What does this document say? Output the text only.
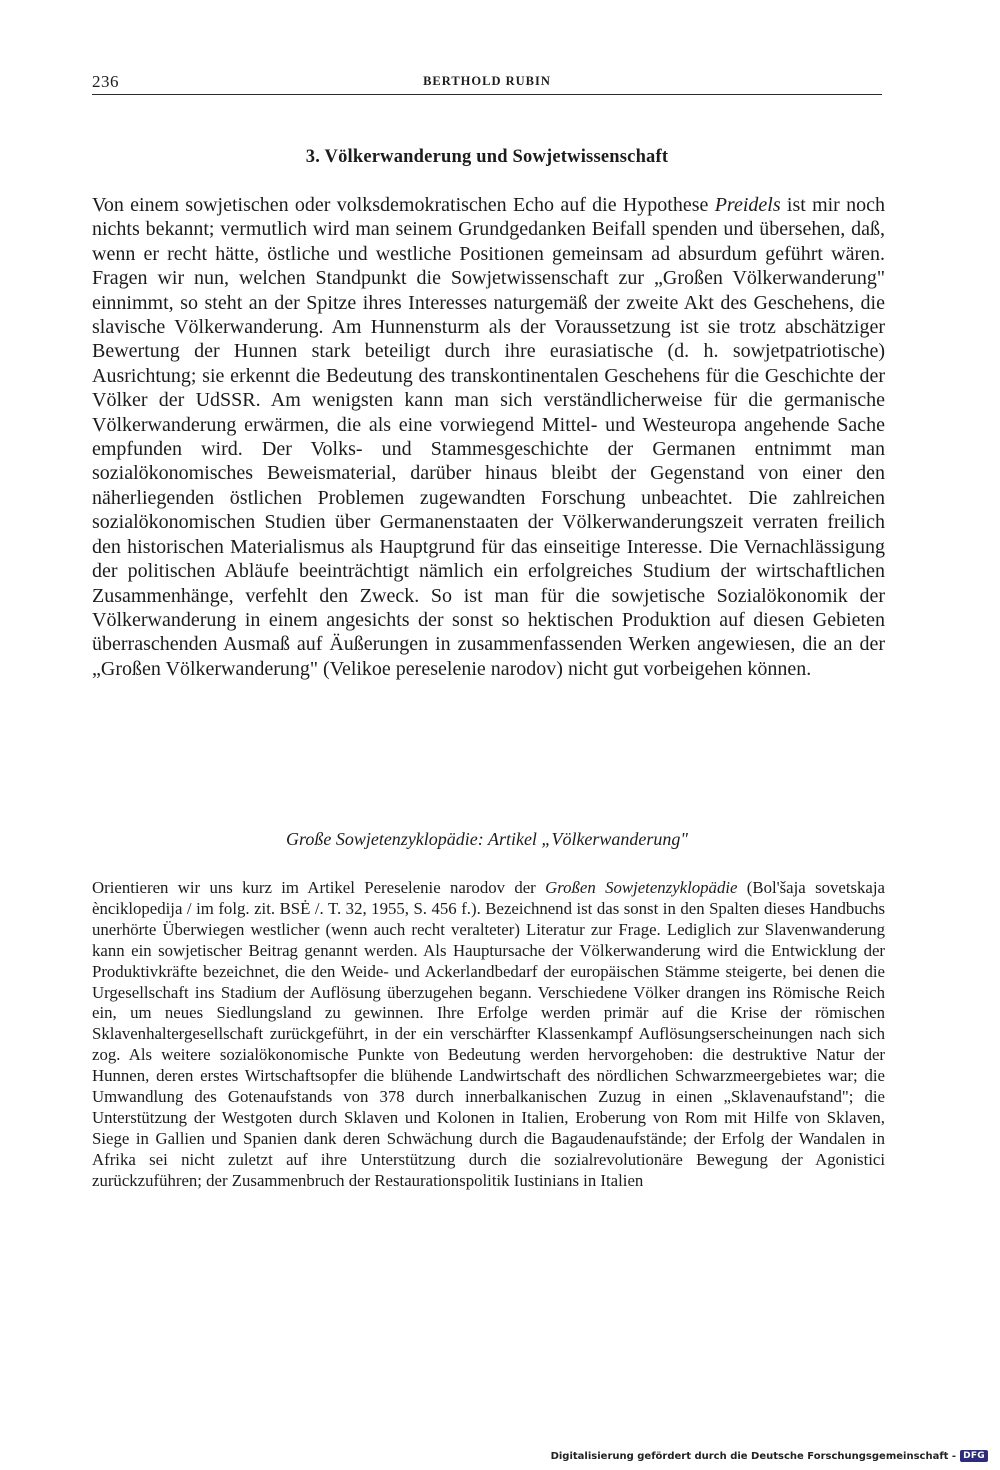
236	BERTHOLD RUBIN
3. Völkerwanderung und Sowjetwissenschaft

Von einem sowjetischen oder volksdemokratischen Echo auf die Hypothese Preidels ist mir noch nichts bekannt; vermutlich wird man seinem Grundgedanken Beifall spenden und übersehen, daß, wenn er recht hätte, östliche und westliche Positionen gemeinsam ad absurdum geführt wären. Fragen wir nun, welchen Standpunkt die Sowjetwissenschaft zur „Großen Völkerwanderung" einnimmt, so steht an der Spitze ihres Interesses naturgemäß der zweite Akt des Geschehens, die slavische Völkerwanderung. Am Hunnensturm als der Voraussetzung ist sie trotz abschätziger Bewertung der Hunnen stark beteiligt durch ihre eurasiatische (d. h. sowjetpatriotische) Ausrichtung; sie erkennt die Bedeutung des transkontinentalen Geschehens für die Geschichte der Völker der UdSSR. Am wenigsten kann man sich verständlicherweise für die germanische Völkerwanderung erwärmen, die als eine vorwiegend Mittel- und Westeuropa angehende Sache empfunden wird. Der Volks- und Stammesgeschichte der Germanen entnimmt man sozialökonomisches Beweismaterial, darüber hinaus bleibt der Gegenstand von einer den näherliegenden östlichen Problemen zugewandten Forschung unbeachtet. Die zahlreichen sozialökonomischen Studien über Germanenstaaten der Völkerwanderungszeit verraten freilich den historischen Materialismus als Hauptgrund für das einseitige Interesse. Die Vernachlässigung der politischen Abläufe beeinträchtigt nämlich ein erfolgreiches Studium der wirtschaftlichen Zusammenhänge, verfehlt den Zweck. So ist man für die sowjetische Sozialökonomik der Völkerwanderung in einem angesichts der sonst so hektischen Produktion auf diesen Gebieten überraschenden Ausmaß auf Äußerungen in zusammenfassenden Werken angewiesen, die an der „Großen Völkerwanderung" (Velikoe pereselenie narodov) nicht gut vorbeigehen können.

Große Sowjetenzyklopädie: Artikel „Völkerwanderung"

Orientieren wir uns kurz im Artikel Pereselenie narodov der Großen Sowjetenzyklopädie (Bol'šaja sovetskaja ènciklopedija / im folg. zit. BSĖ /. T. 32, 1955, S. 456 f.). Bezeichnend ist das sonst in den Spalten dieses Handbuchs unerhörte Überwiegen westlicher (wenn auch recht veralteter) Literatur zur Frage. Lediglich zur Slavenwanderung kann ein sowjetischer Beitrag genannt werden. Als Hauptursache der Völkerwanderung wird die Entwicklung der Produktivkräfte bezeichnet, die den Weide- und Ackerlandbedarf der europäischen Stämme steigerte, bei denen die Urgesellschaft ins Stadium der Auflösung überzugehen begann. Verschiedene Völker drangen ins Römische Reich ein, um neues Siedlungsland zu gewinnen. Ihre Erfolge werden primär auf die Krise der römischen Sklavenhaltergesellschaft zurückgeführt, in der ein verschärfter Klassenkampf Auflösungserscheinungen nach sich zog. Als weitere sozialökonomische Punkte von Bedeutung werden hervorgehoben: die destruktive Natur der Hunnen, deren erstes Wirtschaftsopfer die blühende Landwirtschaft des nördlichen Schwarzmeergebietes war; die Umwandlung des Gotenaufstands von 378 durch innerbalkanischen Zuzug in einen „Sklavenaufstand"; die Unterstützung der Westgoten durch Sklaven und Kolonen in Italien, Eroberung von Rom mit Hilfe von Sklaven, Siege in Gallien und Spanien dank deren Schwächung durch die Bagaudenaufstände; der Erfolg der Wandalen in Afrika sei nicht zuletzt auf ihre Unterstützung durch die sozialrevolutionäre Bewegung der Agonistici zurückzuführen; der Zusammenbruch der Restaurationspolitik Iustinians in Italien

Digitalisierung gefördert durch die Deutsche Forschungsgemeinschaft - DFG
